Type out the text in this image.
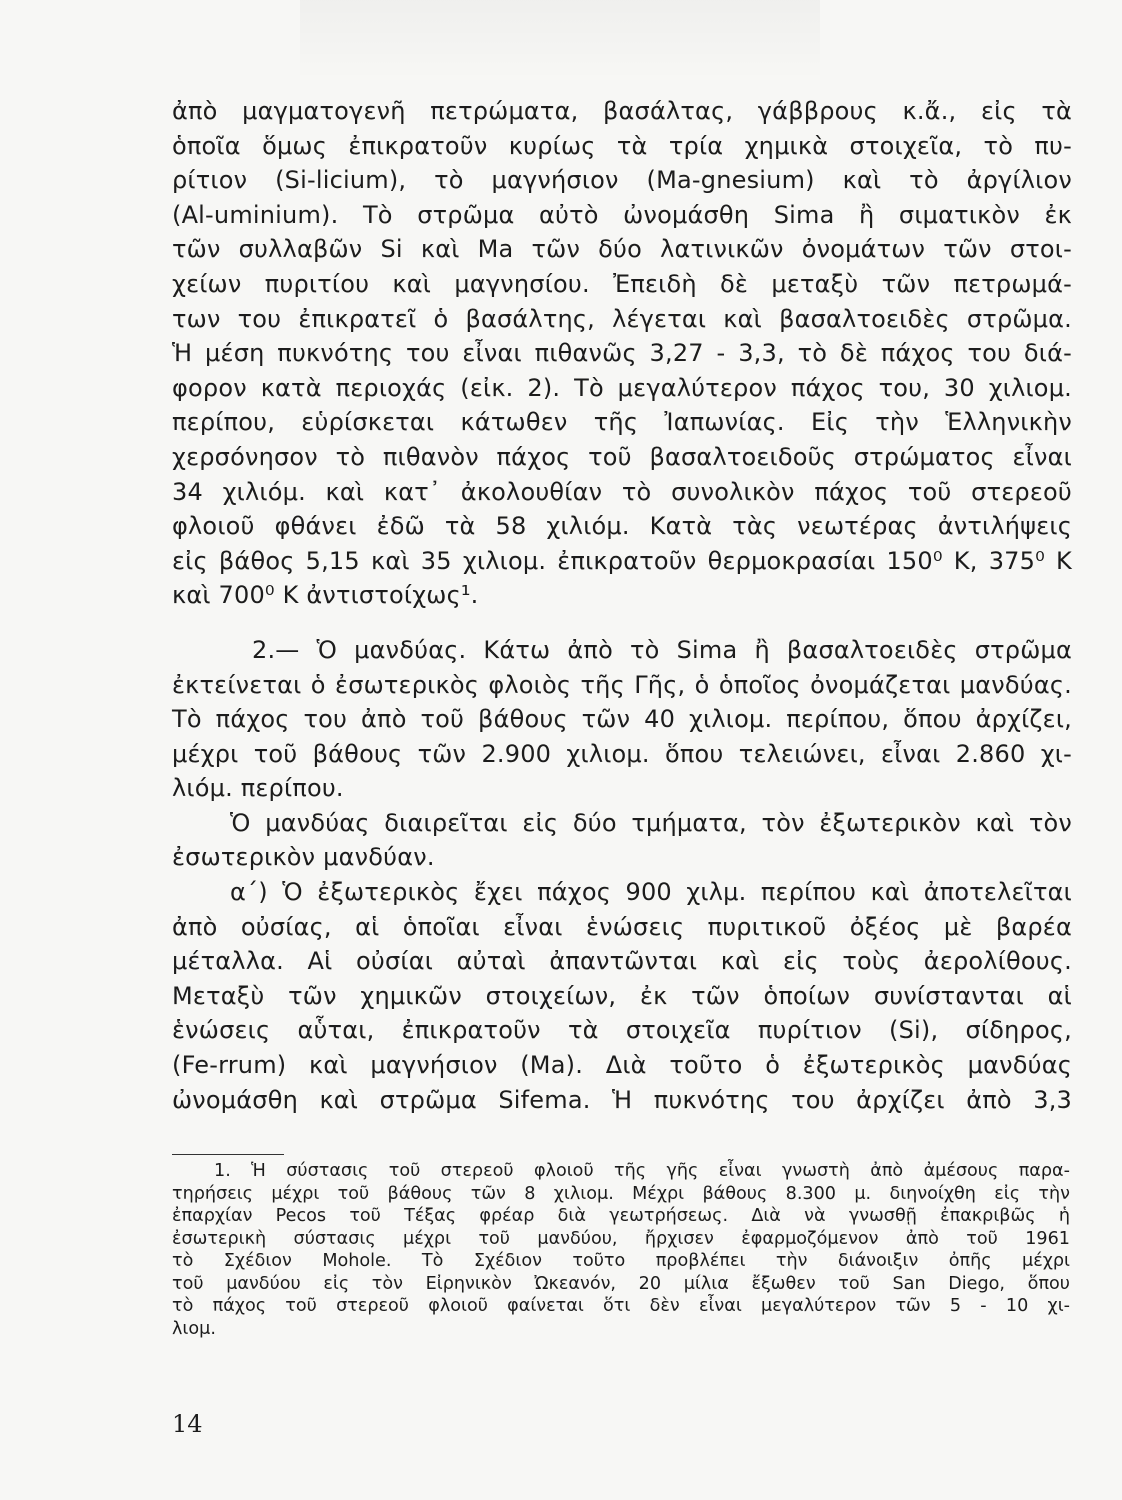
ἀπὸ μαγματογενῆ πετρώματα, βασάλτας, γάββρους κ.ἄ., εἰς τὰ
ὁποῖα ὅμως ἐπικρατοῦν κυρίως τὰ τρία χημικὰ στοιχεῖα, τὸ πυ-
ρίτιον (Si-licium), τὸ μαγνήσιον (Ma-gnesium) καὶ τὸ ἀργίλιον
(Al-uminium). Τὸ στρῶμα αὐτὸ ὠνομάσθη Sima ἢ σιματικὸν ἐκ
τῶν συλλαβῶν Si καὶ Ma τῶν δύο λατινικῶν ὀνομάτων τῶν στοι-
χείων πυριτίου καὶ μαγνησίου. Ἐπειδὴ δὲ μεταξὺ τῶν πετρωμά-
των του ἐπικρατεῖ ὁ βασάλτης, λέγεται καὶ βασαλτοειδὲς στρῶμα.
Ἡ μέση πυκνότης του εἶναι πιθανῶς 3,27 - 3,3, τὸ δὲ πάχος του διά-
φορον κατὰ περιοχάς (εἰκ. 2). Τὸ μεγαλύτερον πάχος του, 30 χιλιομ.
περίπου, εὑρίσκεται κάτωθεν τῆς Ἰαπωνίας. Εἰς τὴν Ἑλληνικὴν
χερσόνησον τὸ πιθανὸν πάχος τοῦ βασαλτοειδοῦς στρώματος εἶναι
34 χιλιόμ. καὶ κατ᾽ ἀκολουθίαν τὸ συνολικὸν πάχος τοῦ στερεοῦ
φλοιοῦ φθάνει ἐδῶ τὰ 58 χιλιόμ. Κατὰ τὰς νεωτέρας ἀντιλήψεις
εἰς βάθος 5,15 καὶ 35 χιλιομ. ἐπικρατοῦν θερμοκρασίαι 150⁰ K, 375⁰ K
καὶ 700⁰ K ἀντιστοίχως¹.
2.— Ὁ μανδύας. Κάτω ἀπὸ τὸ Sima ἢ βασαλτοειδὲς στρῶμα
ἐκτείνεται ὁ ἐσωτερικὸς φλοιὸς τῆς Γῆς, ὁ ὁποῖος ὀνομάζεται μανδύας.
Τὸ πάχος του ἀπὸ τοῦ βάθους τῶν 40 χιλιομ. περίπου, ὅπου ἀρχίζει,
μέχρι τοῦ βάθους τῶν 2.900 χιλιομ. ὅπου τελειώνει, εἶναι 2.860 χι-
λιόμ. περίπου.
Ὁ μανδύας διαιρεῖται εἰς δύο τμήματα, τὸν ἐξωτερικὸν καὶ τὸν
ἐσωτερικὸν μανδύαν.
α΄) Ὁ ἐξωτερικὸς ἔχει πάχος 900 χιλμ. περίπου καὶ ἀποτελεῖται
ἀπὸ οὐσίας, αἱ ὁποῖαι εἶναι ἑνώσεις πυριτικοῦ ὀξέος μὲ βαρέα
μέταλλα. Αἱ οὐσίαι αὐταὶ ἀπαντῶνται καὶ εἰς τοὺς ἀερολίθους.
Μεταξὺ τῶν χημικῶν στοιχείων, ἐκ τῶν ὁποίων συνίστανται αἱ
ἑνώσεις αὗται, ἐπικρατοῦν τὰ στοιχεῖα πυρίτιον (Si), σίδηρος,
(Fe-rrum) καὶ μαγνήσιον (Ma). Διὰ τοῦτο ὁ ἐξωτερικὸς μανδύας
ὠνομάσθη καὶ στρῶμα Sifema. Ἡ πυκνότης του ἀρχίζει ἀπὸ 3,3
1. Ἡ σύστασις τοῦ στερεοῦ φλοιοῦ τῆς γῆς εἶναι γνωστὴ ἀπὸ ἀμέσους παρα-
τηρήσεις μέχρι τοῦ βάθους τῶν 8 χιλιομ. Μέχρι βάθους 8.300 μ. διηνοίχθη εἰς τὴν
ἐπαρχίαν Pecos τοῦ Τέξας φρέαρ διὰ γεωτρήσεως. Διὰ νὰ γνωσθῇ ἐπακριβῶς ἡ
ἐσωτερικὴ σύστασις μέχρι τοῦ μανδύου, ἤρχισεν ἐφαρμοζόμενον ἀπὸ τοῦ 1961
τὸ Σχέδιον Mohole. Τὸ Σχέδιον τοῦτο προβλέπει τὴν διάνοιξιν ὀπῆς μέχρι
τοῦ μανδύου εἰς τὸν Εἰρηνικὸν Ὠκεανόν, 20 μίλια ἔξωθεν τοῦ San Diego, ὅπου
τὸ πάχος τοῦ στερεοῦ φλοιοῦ φαίνεται ὅτι δὲν εἶναι μεγαλύτερον τῶν 5 - 10 χι-
λιομ.
14
